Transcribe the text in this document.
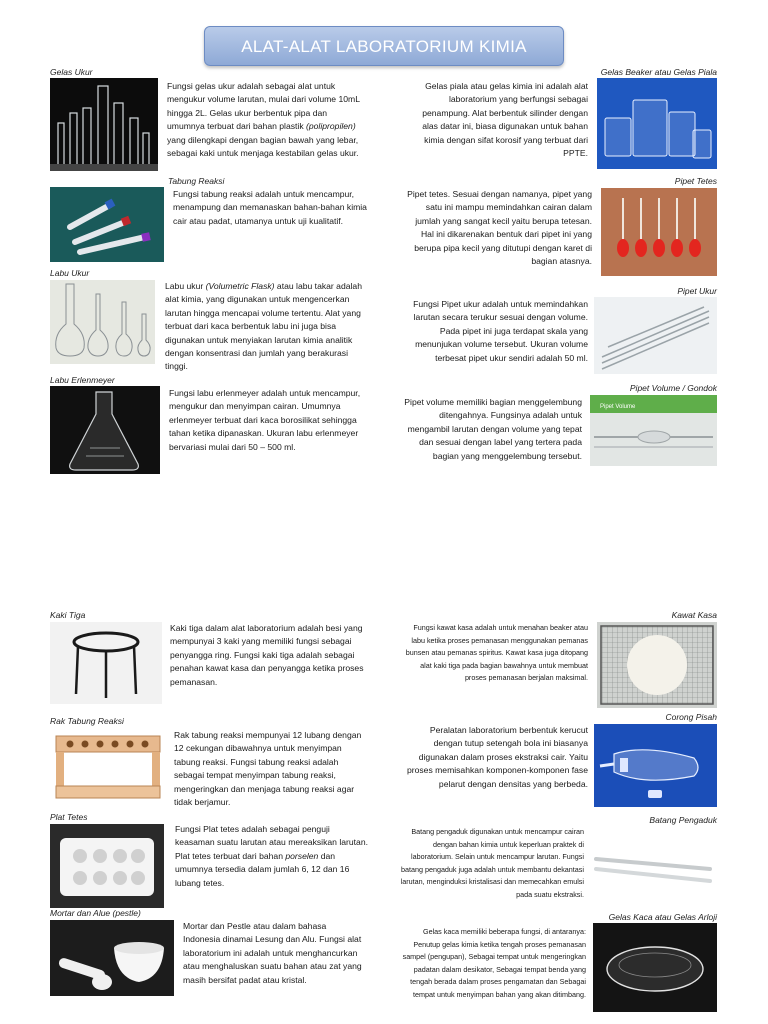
ALAT-ALAT LABORATORIUM KIMIA
Gelas Ukur
Fungsi gelas ukur adalah sebagai alat untuk mengukur volume larutan, mulai dari volume 10mL hingga 2L. Gelas ukur berbentuk pipa dan umumnya terbuat dari bahan plastik (polipropilen) yang dilengkapi dengan bagian bawah yang lebar, sebagai kaki untuk menjaga kestabilan gelas ukur.
Tabung Reaksi
Fungsi tabung reaksi adalah untuk mencampur, menampung dan memanaskan bahan-bahan kimia cair atau padat, utamanya untuk uji kualitatif.
Labu Ukur
Labu ukur (Volumetric Flask) atau labu takar adalah alat kimia, yang digunakan untuk mengencerkan larutan hingga mencapai volume tertentu. Alat yang terbuat dari kaca berbentuk labu ini juga bisa digunakan untuk menyiakan larutan kimia analitik dengan konsentrasi dan jumlah yang berakurasi tinggi.
Labu Erlenmeyer
Fungsi labu erlenmeyer adalah untuk mencampur, mengukur dan menyimpan cairan. Umumnya erlenmeyer terbuat dari kaca borosilikat sehingga tahan ketika dipanaskan. Ukuran labu erlenmeyer bervariasi mulai dari 50 – 500 ml.
Gelas Beaker atau Gelas Piala
Gelas piala atau gelas kimia ini adalah alat laboratorium yang berfungsi sebagai penampung. Alat berbentuk silinder dengan alas datar ini, biasa digunakan untuk bahan kimia dengan sifat korosif yang terbuat dari PPTE.
Pipet Tetes
Pipet tetes. Sesuai dengan namanya, pipet yang satu ini mampu memindahkan cairan dalam jumlah yang sangat kecil yaitu berupa tetesan. Hal ini dikarenakan bentuk dari pipet ini yang berupa pipa kecil yang ditutupi dengan karet di bagian atasnya.
Pipet Ukur
Fungsi Pipet ukur adalah untuk memindahkan larutan secara terukur sesuai dengan volume. Pada pipet ini juga terdapat skala yang menunjukan volume tersebut. Ukuran volume terbesat pipet ukur sendiri adalah 50 ml.
Pipet Volume / Gondok
Pipet Volume
Pipet volume memiliki bagian menggelembung ditengahnya. Fungsinya adalah untuk mengambil larutan dengan volume yang tepat dan sesuai dengan label yang tertera pada bagian yang menggelembung tersebut.
Kaki Tiga
Kaki tiga dalam alat laboratorium adalah besi yang mempunyai 3 kaki yang memiliki fungsi sebagai penyangga ring. Fungsi kaki tiga adalah sebagai penahan kawat kasa dan penyangga ketika proses pemanasan.
Rak Tabung Reaksi
Rak tabung reaksi mempunyai 12 lubang dengan 12 cekungan dibawahnya untuk menyimpan tabung reaksi. Fungsi tabung reaksi adalah sebagai tempat menyimpan tabung reaksi, mengeringkan dan menjaga tabung reaksi agar tidak berjamur.
Plat Tetes
Fungsi Plat tetes adalah sebagai penguji keasaman suatu larutan atau mereaksikan larutan. Plat tetes terbuat dari bahan porselen dan umumnya tersedia dalam jumlah 6, 12 dan 16 lubang tetes.
Mortar dan Alue (pestle)
Mortar dan Pestle atau dalam bahasa Indonesia dinamai Lesung dan Alu. Fungsi alat laboratorium ini adalah untuk menghancurkan atau menghaluskan suatu bahan atau zat yang masih bersifat padat atau kristal.
Kawat Kasa
Fungsi kawat kasa adalah untuk menahan beaker atau labu ketika proses pemanasan menggunakan pemanas bunsen atau pemanas spiritus. Kawat kasa juga ditopang alat kaki tiga pada bagian bawahnya untuk membuat proses pemanasan berjalan maksimal.
Corong Pisah
Peralatan laboratorium berbentuk kerucut dengan tutup setengah bola ini biasanya digunakan dalam proses ekstraksi cair. Yaitu proses memisahkan komponen-komponen fase pelarut dengan densitas yang berbeda.
Batang Pengaduk
Batang pengaduk digunakan untuk mencampur cairan dengan bahan kimia untuk keperluan praktek di laboratorium. Selain untuk mencampur larutan. Fungsi batang pengaduk juga adalah untuk membantu dekantasi larutan, menginduksi kristalisasi dan memecahkan emulsi pada suatu ekstraksi.
Gelas Kaca atau Gelas Arloji
Gelas kaca memiliki beberapa fungsi, di antaranya: Penutup gelas kimia ketika tengah proses pemanasan sampel (pengupan), Sebagai tempat untuk mengeringkan padatan dalam desikator, Sebagai tempat benda yang tengah berada dalam proses pengamatan dan Sebagai tempat untuk menyimpan bahan yang akan ditimbang.
